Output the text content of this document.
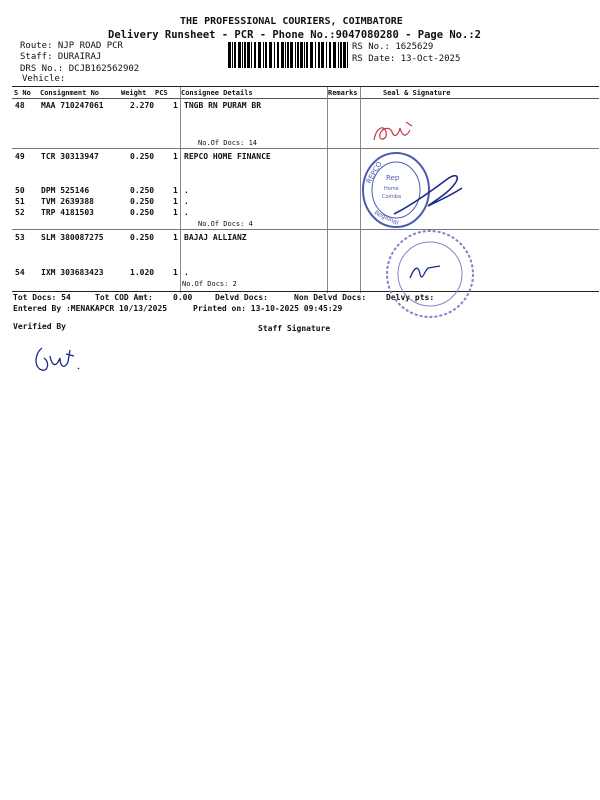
THE PROFESSIONAL COURIERS, COIMBATORE
Delivery Runsheet - PCR - Phone No.:9047080280 - Page No.:2
Route: NJP ROAD PCR
Staff: DURAIRAJ
DRS No.: DCJB162562902
Vehicle:
RS No.: 1625629
RS Date: 13-Oct-2025
S No Consignment No	Weight PCS Consignee Details	Remarks	Seal & Signature
48 MAA 710247061	2.270 1 TNGB RN PURAM BR
No.Of Docs: 14
49 TCR 30313947	0.250 1 REPCO HOME FINANCE
50 DPM 525146	0.250 1 .
51 TVM 2639388	0.250 1 .
52 TRP 4181503	0.250 1 .
No.Of Docs: 4
53 SLM 380087275	0.250 1 BAJAJ ALLIANZ
54 IXM 303683423	1.020 1 .
No.Of Docs: 2
Tot Docs: 54	Tot COD Amt:	0.00	Delvd Docs:	Non Delvd Docs: Delvy pts:
Entered By :MENAKAPCR 10/13/2025	Printed on: 13-10-2025 09:45:29
Verified By	Staff Signature
REPCO Rep
Home
Coimba
Regional
